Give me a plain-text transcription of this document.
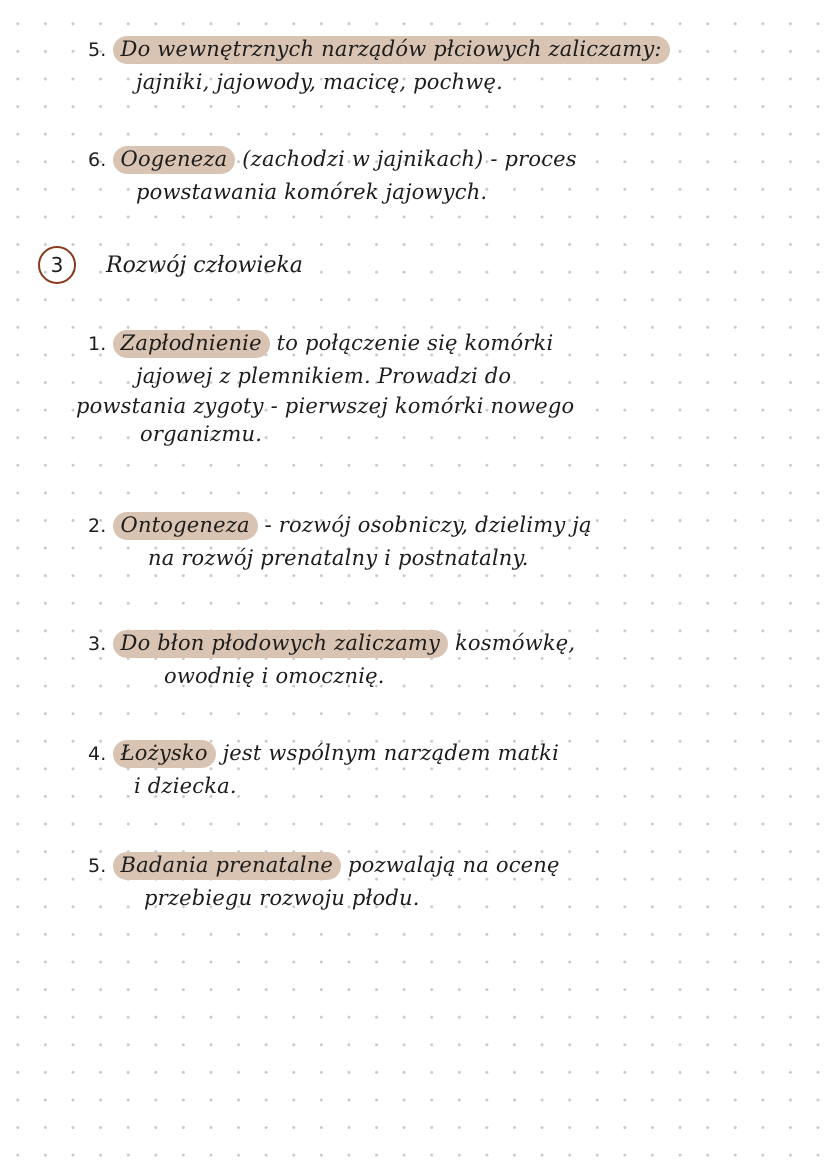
5. Do wewnętrznych narządów płciowych zaliczamy:
jajniki, jajowody, macicę, pochwę.
6. Oogeneza (zachodzi w jajnikach) - proces
powstawania komórek jajowych.
3 Rozwój człowieka
1. Zapłodnienie to połączenie się komórki
jajowej z plemnikiem. Prowadzi do
powstania zygoty - pierwszej komórki nowego
organizmu.
2. Ontogeneza - rozwój osobniczy, dzielimy ją
na rozwój prenatalny i postnatalny.
3. Do błon płodowych zaliczamy kosmówkę,
owodnię i omocznię.
4. Łożysko jest wspólnym narządem matki
i dziecka.
5. Badania prenatalne pozwalają na ocenę
przebiegu rozwoju płodu.
